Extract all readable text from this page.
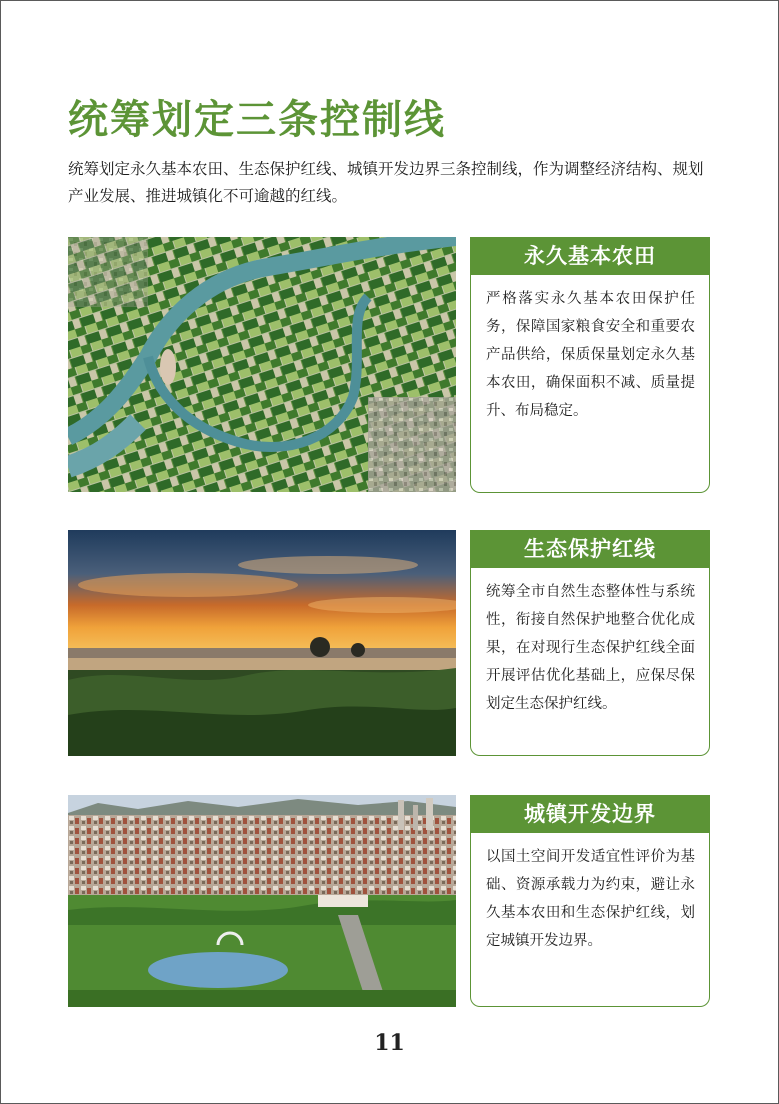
统筹划定三条控制线
统筹划定永久基本农田、生态保护红线、城镇开发边界三条控制线，作为调整经济结构、规划产业发展、推进城镇化不可逾越的红线。
永久基本农田
严格落实永久基本农田保护任务，保障国家粮食安全和重要农产品供给，保质保量划定永久基本农田，确保面积不减、质量提升、布局稳定。
生态保护红线
统筹全市自然生态整体性与系统性，衔接自然保护地整合优化成果，在对现行生态保护红线全面开展评估优化基础上，应保尽保划定生态保护红线。
城镇开发边界
以国土空间开发适宜性评价为基础、资源承载力为约束，避让永久基本农田和生态保护红线，划定城镇开发边界。
11
